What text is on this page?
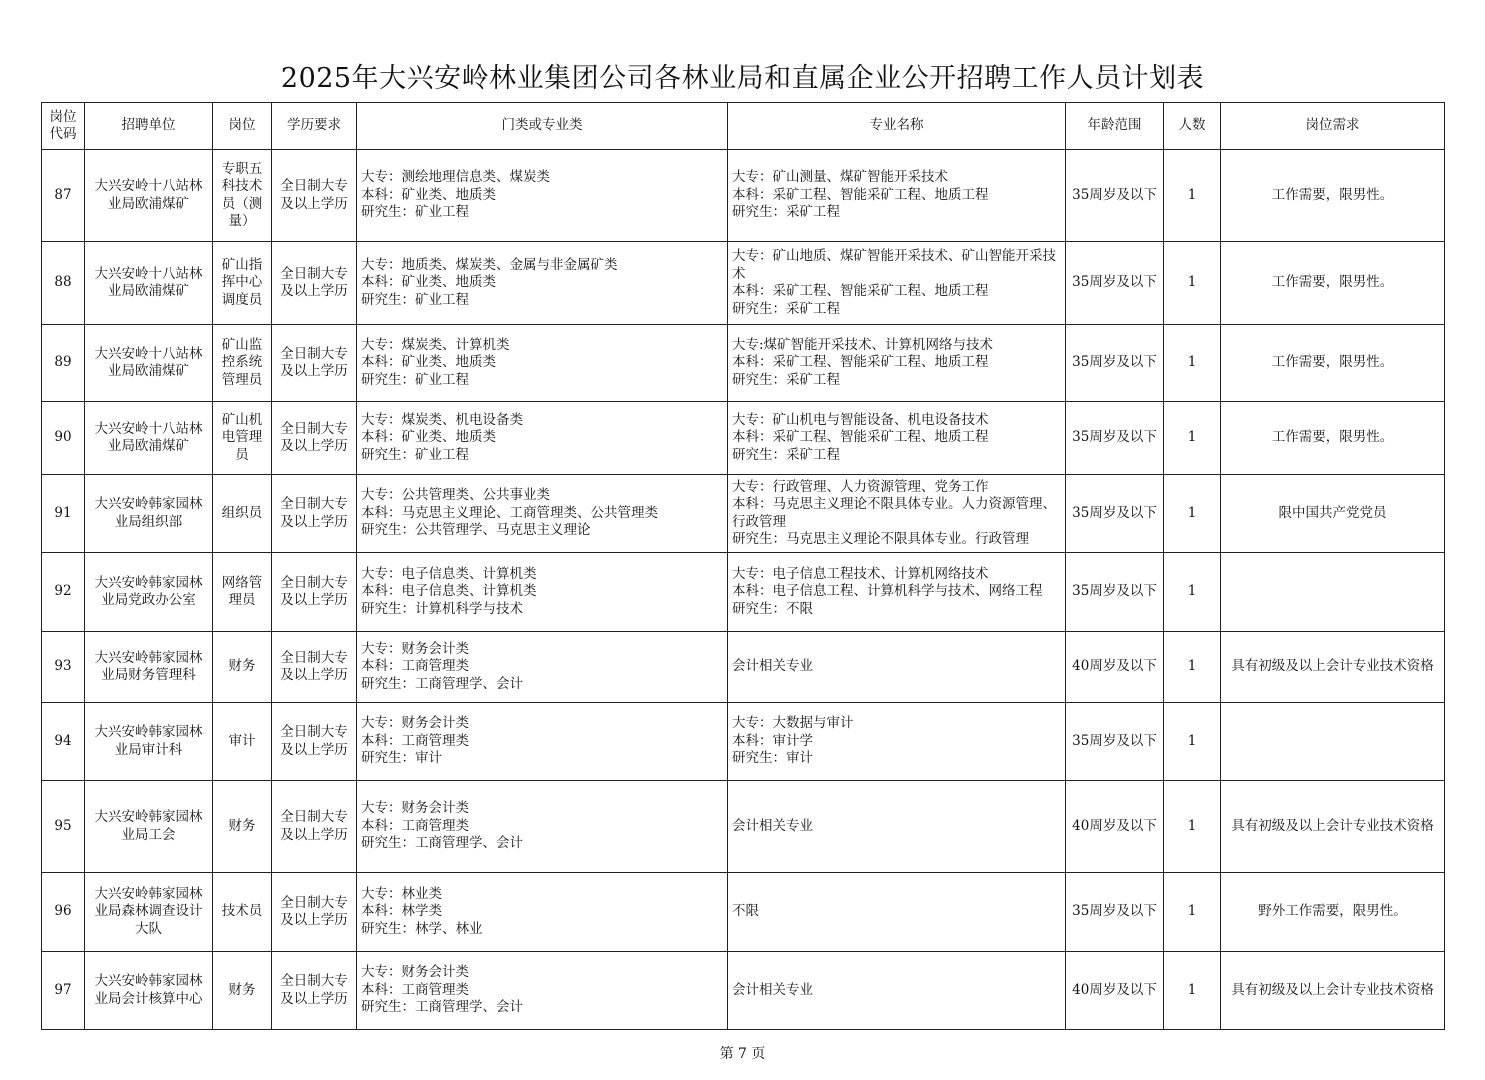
2025年大兴安岭林业集团公司各林业局和直属企业公开招聘工作人员计划表
岗位
代码	招聘单位	岗位	学历要求	门类或专业类	专业名称	年龄范围	人数	岗位需求
87	大兴安岭十八站林业局欧浦煤矿	专职五科技术员（测量）	全日制大专及以上学历	大专：测绘地理信息类、煤炭类
本科：矿业类、地质类
研究生：矿业工程	大专：矿山测量、煤矿智能开采技术
本科：采矿工程、智能采矿工程、地质工程
研究生：采矿工程	35周岁及以下	1	工作需要，限男性。
88	大兴安岭十八站林业局欧浦煤矿	矿山指挥中心调度员	全日制大专及以上学历	大专：地质类、煤炭类、金属与非金属矿类
本科：矿业类、地质类
研究生：矿业工程	大专：矿山地质、煤矿智能开采技术、矿山智能开采技术
本科：采矿工程、智能采矿工程、地质工程
研究生：采矿工程	35周岁及以下	1	工作需要，限男性。
89	大兴安岭十八站林业局欧浦煤矿	矿山监控系统管理员	全日制大专及以上学历	大专：煤炭类、计算机类
本科：矿业类、地质类
研究生：矿业工程	大专:煤矿智能开采技术、计算机网络与技术
本科：采矿工程、智能采矿工程、地质工程
研究生：采矿工程	35周岁及以下	1	工作需要，限男性。
90	大兴安岭十八站林业局欧浦煤矿	矿山机电管理员	全日制大专及以上学历	大专：煤炭类、机电设备类
本科：矿业类、地质类
研究生：矿业工程	大专：矿山机电与智能设备、机电设备技术
本科：采矿工程、智能采矿工程、地质工程
研究生：采矿工程	35周岁及以下	1	工作需要，限男性。
91	大兴安岭韩家园林业局组织部	组织员	全日制大专及以上学历	大专：公共管理类、公共事业类
本科：马克思主义理论、工商管理类、公共管理类
研究生：公共管理学、马克思主义理论	大专：行政管理、人力资源管理、党务工作
本科：马克思主义理论不限具体专业。人力资源管理、行政管理
研究生：马克思主义理论不限具体专业。行政管理	35周岁及以下	1	限中国共产党党员
92	大兴安岭韩家园林业局党政办公室	网络管理员	全日制大专及以上学历	大专：电子信息类、计算机类
本科：电子信息类、计算机类
研究生：计算机科学与技术	大专：电子信息工程技术、计算机网络技术
本科：电子信息工程、计算机科学与技术、网络工程
研究生：不限	35周岁及以下	1	
93	大兴安岭韩家园林业局财务管理科	财务	全日制大专及以上学历	大专：财务会计类
本科：工商管理类
研究生：工商管理学、会计	会计相关专业	40周岁及以下	1	具有初级及以上会计专业技术资格
94	大兴安岭韩家园林业局审计科	审计	全日制大专及以上学历	大专：财务会计类
本科：工商管理类
研究生：审计	大专：大数据与审计
本科：审计学
研究生：审计	35周岁及以下	1	
95	大兴安岭韩家园林业局工会	财务	全日制大专及以上学历	大专：财务会计类
本科：工商管理类
研究生：工商管理学、会计	会计相关专业	40周岁及以下	1	具有初级及以上会计专业技术资格
96	大兴安岭韩家园林业局森林调查设计大队	技术员	全日制大专及以上学历	大专：林业类
本科：林学类
研究生：林学、林业	不限	35周岁及以下	1	野外工作需要，限男性。
97	大兴安岭韩家园林业局会计核算中心	财务	全日制大专及以上学历	大专：财务会计类
本科：工商管理类
研究生：工商管理学、会计	会计相关专业	40周岁及以下	1	具有初级及以上会计专业技术资格
第 7 页
